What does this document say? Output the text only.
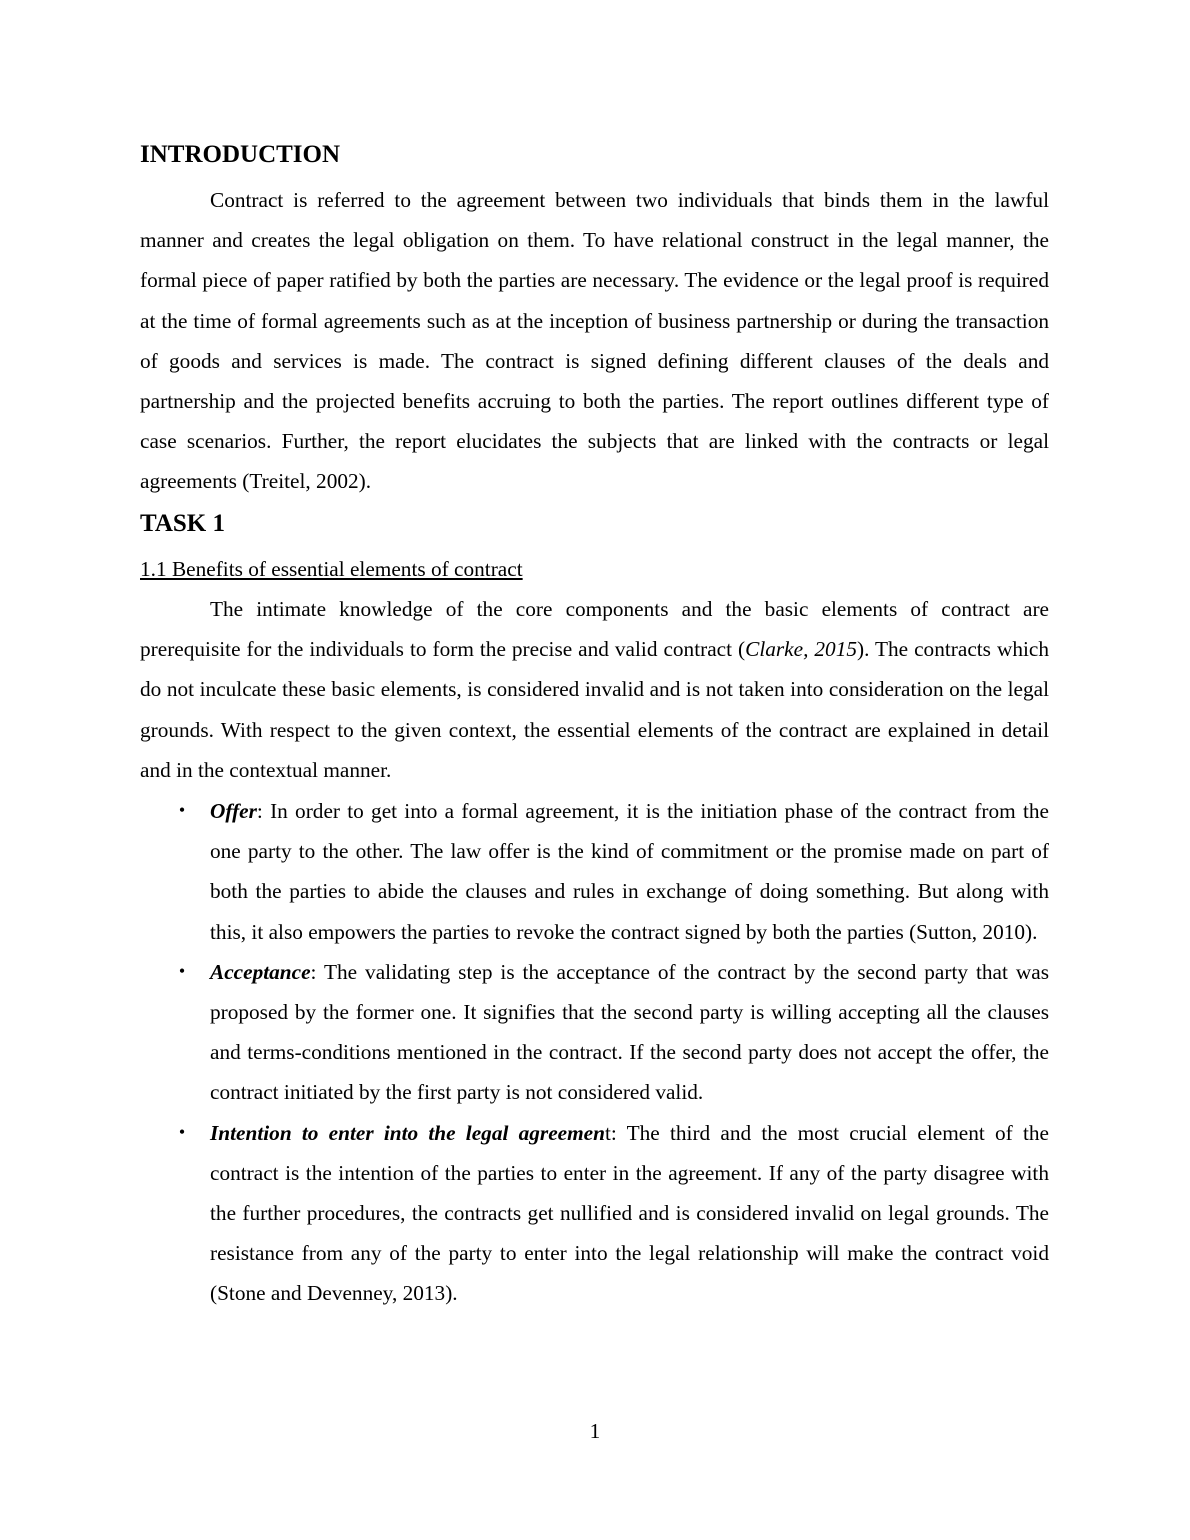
INTRODUCTION

Contract is referred to the agreement between two individuals that binds them in the lawful manner and creates the legal obligation on them. To have relational construct in the legal manner, the formal piece of paper ratified by both the parties are necessary. The evidence or the legal proof is required at the time of formal agreements such as at the inception of business partnership or during the transaction of goods and services is made. The contract is signed defining different clauses of the deals and partnership and the projected benefits accruing to both the parties. The report outlines different type of case scenarios. Further, the report elucidates the subjects that are linked with the contracts or legal agreements (Treitel, 2002).

TASK 1

1.1 Benefits of essential elements of contract

The intimate knowledge of the core components and the basic elements of contract are prerequisite for the individuals to form the precise and valid contract (Clarke, 2015). The contracts which do not inculcate these basic elements, is considered invalid and is not taken into consideration on the legal grounds. With respect to the given context, the essential elements of the contract are explained in detail and in the contextual manner.

• Offer: In order to get into a formal agreement, it is the initiation phase of the contract from the one party to the other. The law offer is the kind of commitment or the promise made on part of both the parties to abide the clauses and rules in exchange of doing something. But along with this, it also empowers the parties to revoke the contract signed by both the parties (Sutton, 2010).
• Acceptance: The validating step is the acceptance of the contract by the second party that was proposed by the former one. It signifies that the second party is willing accepting all the clauses and terms-conditions mentioned in the contract. If the second party does not accept the offer, the contract initiated by the first party is not considered valid.
• Intention to enter into the legal agreement: The third and the most crucial element of the contract is the intention of the parties to enter in the agreement. If any of the party disagree with the further procedures, the contracts get nullified and is considered invalid on legal grounds. The resistance from any of the party to enter into the legal relationship will make the contract void (Stone and Devenney, 2013).
1
